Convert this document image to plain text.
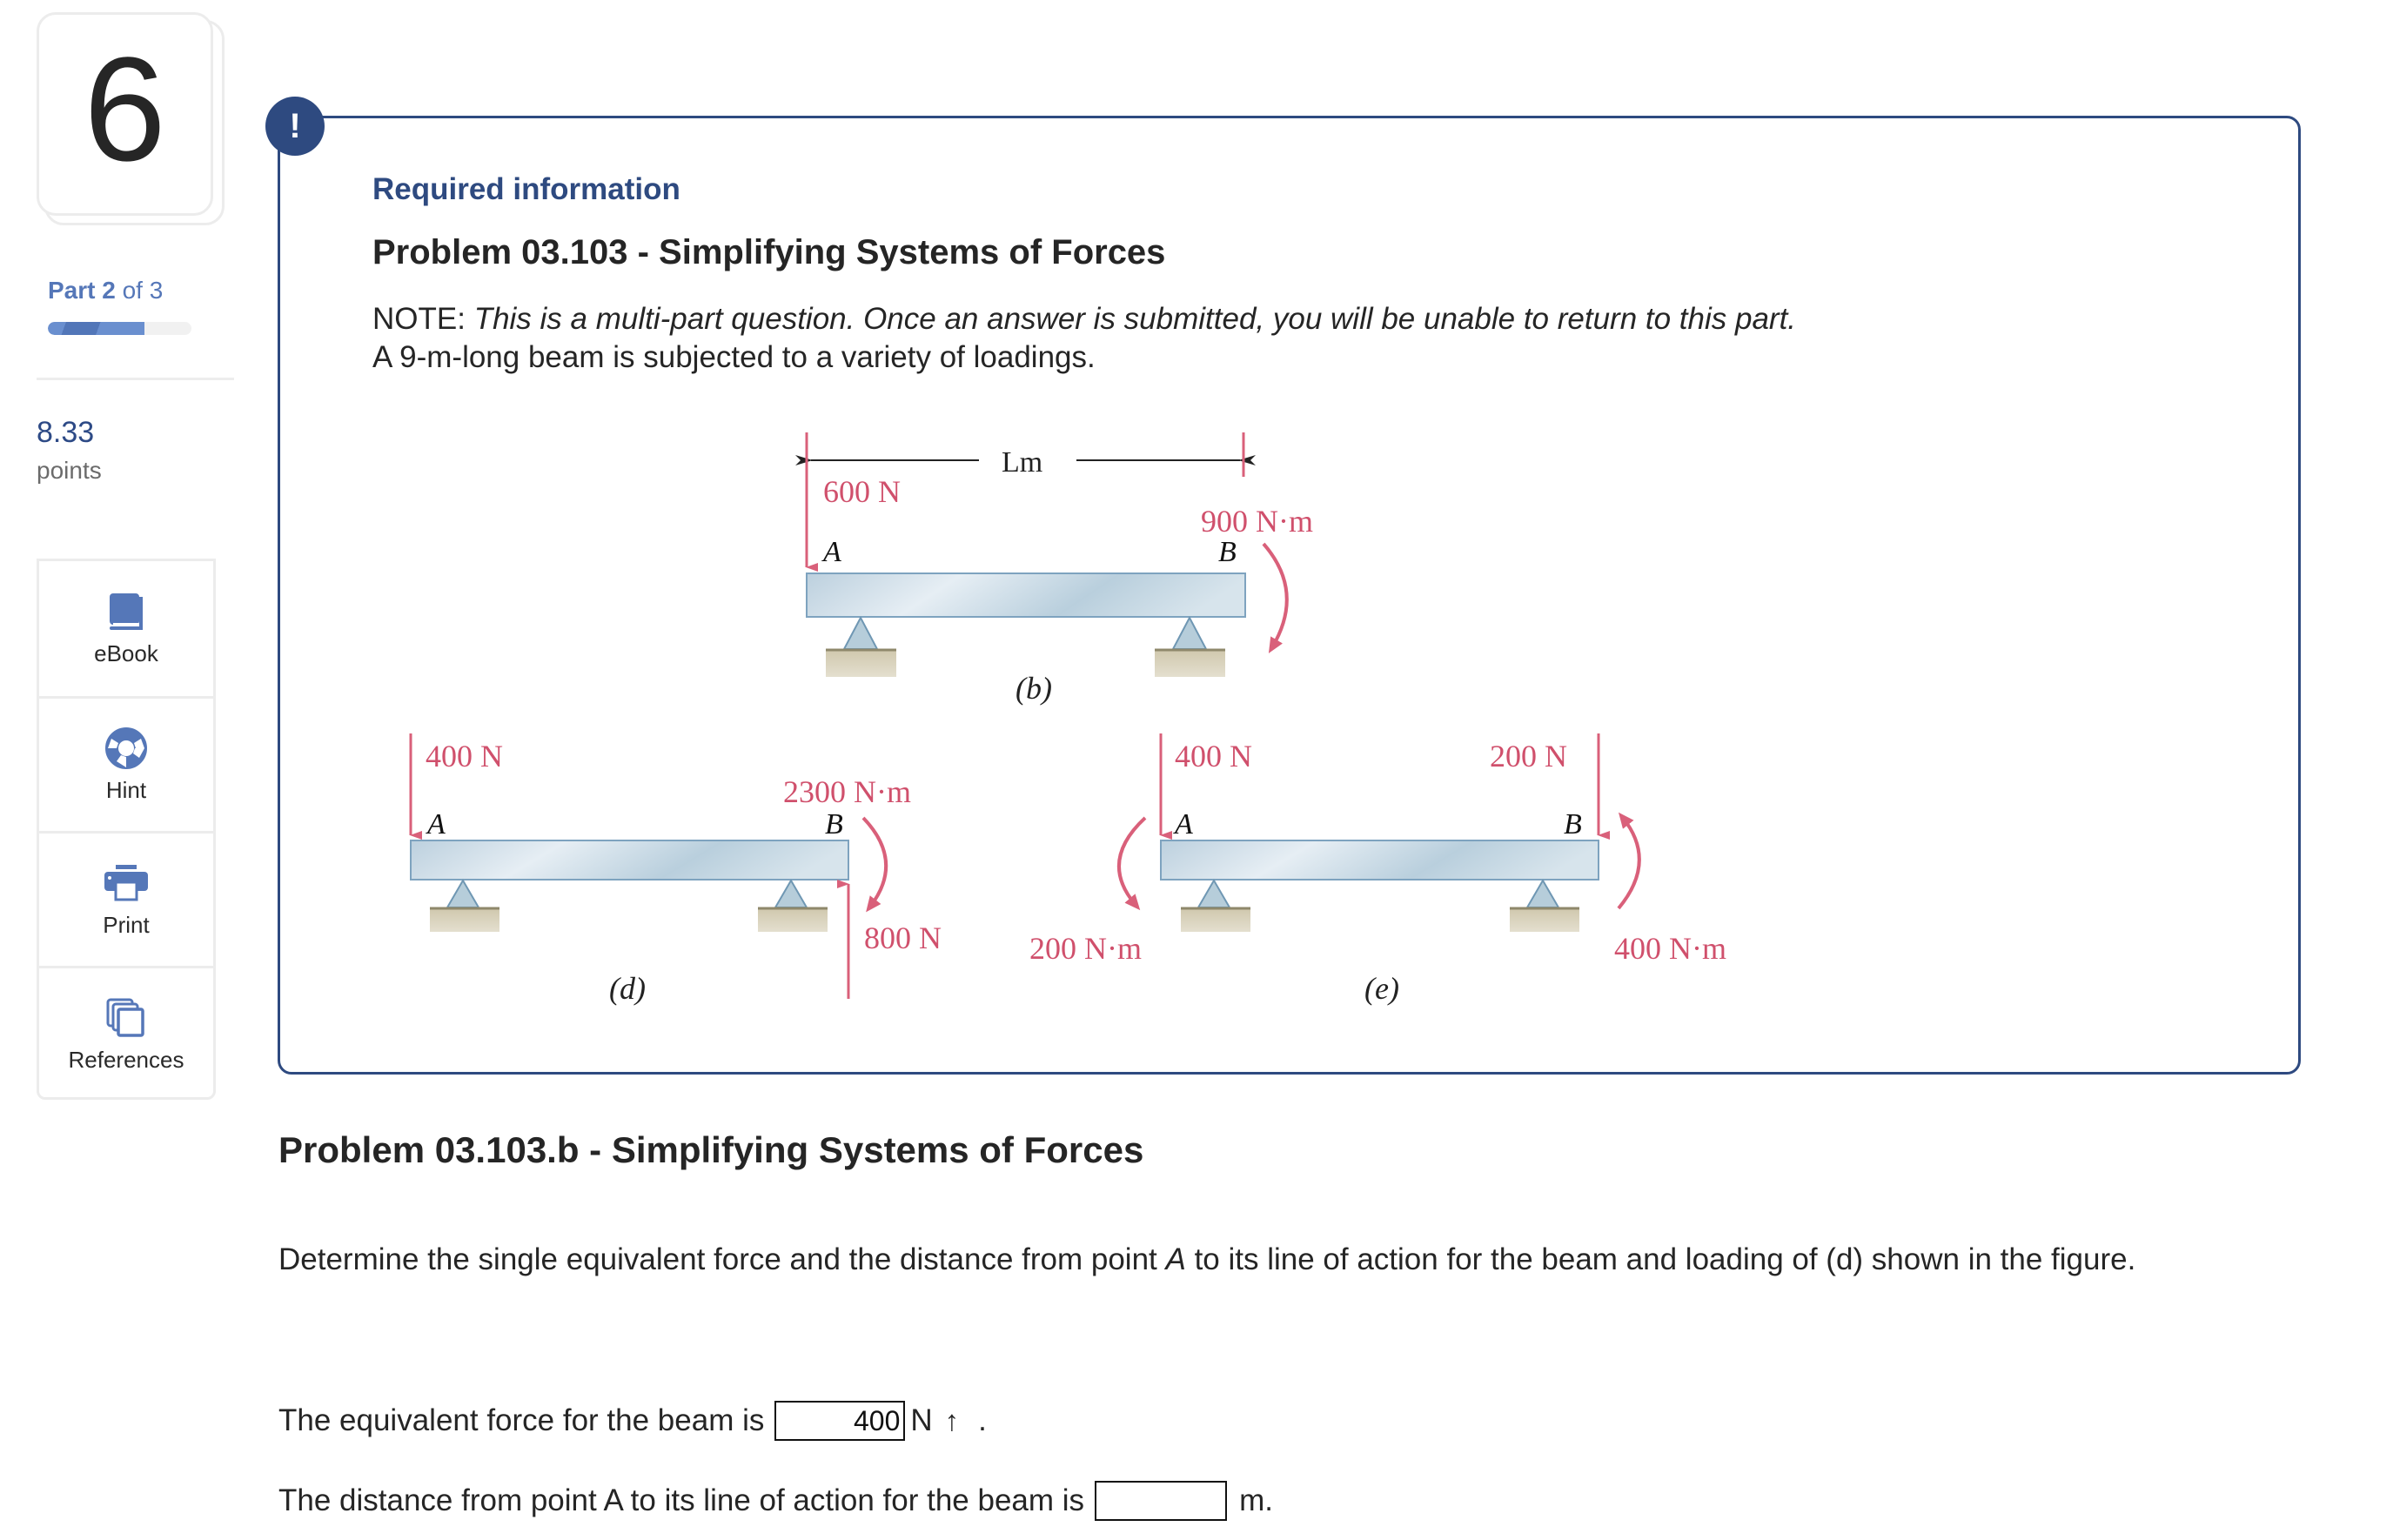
6
Part 2 of 3
8.33
points
eBook
Hint
Print
References
!
Required information
Problem 03.103 - Simplifying Systems of Forces
NOTE: This is a multi-part question. Once an answer is submitted, you will be unable to return to this part.
A 9-m-long beam is subjected to a variety of loadings.
Lm
600 N
A	B
900 N·m
(b)
400 N
2300 N·m
A	B
800 N
(d)
400 N	200 N
A	B
200 N·m	400 N·m
(e)
Problem 03.103.b - Simplifying Systems of Forces
Determine the single equivalent force and the distance from point A to its line of action for the beam and loading of (d) shown in the figure.
The equivalent force for the beam is
400	N ↑ .
The distance from point A to its line of action for the beam is	m.
